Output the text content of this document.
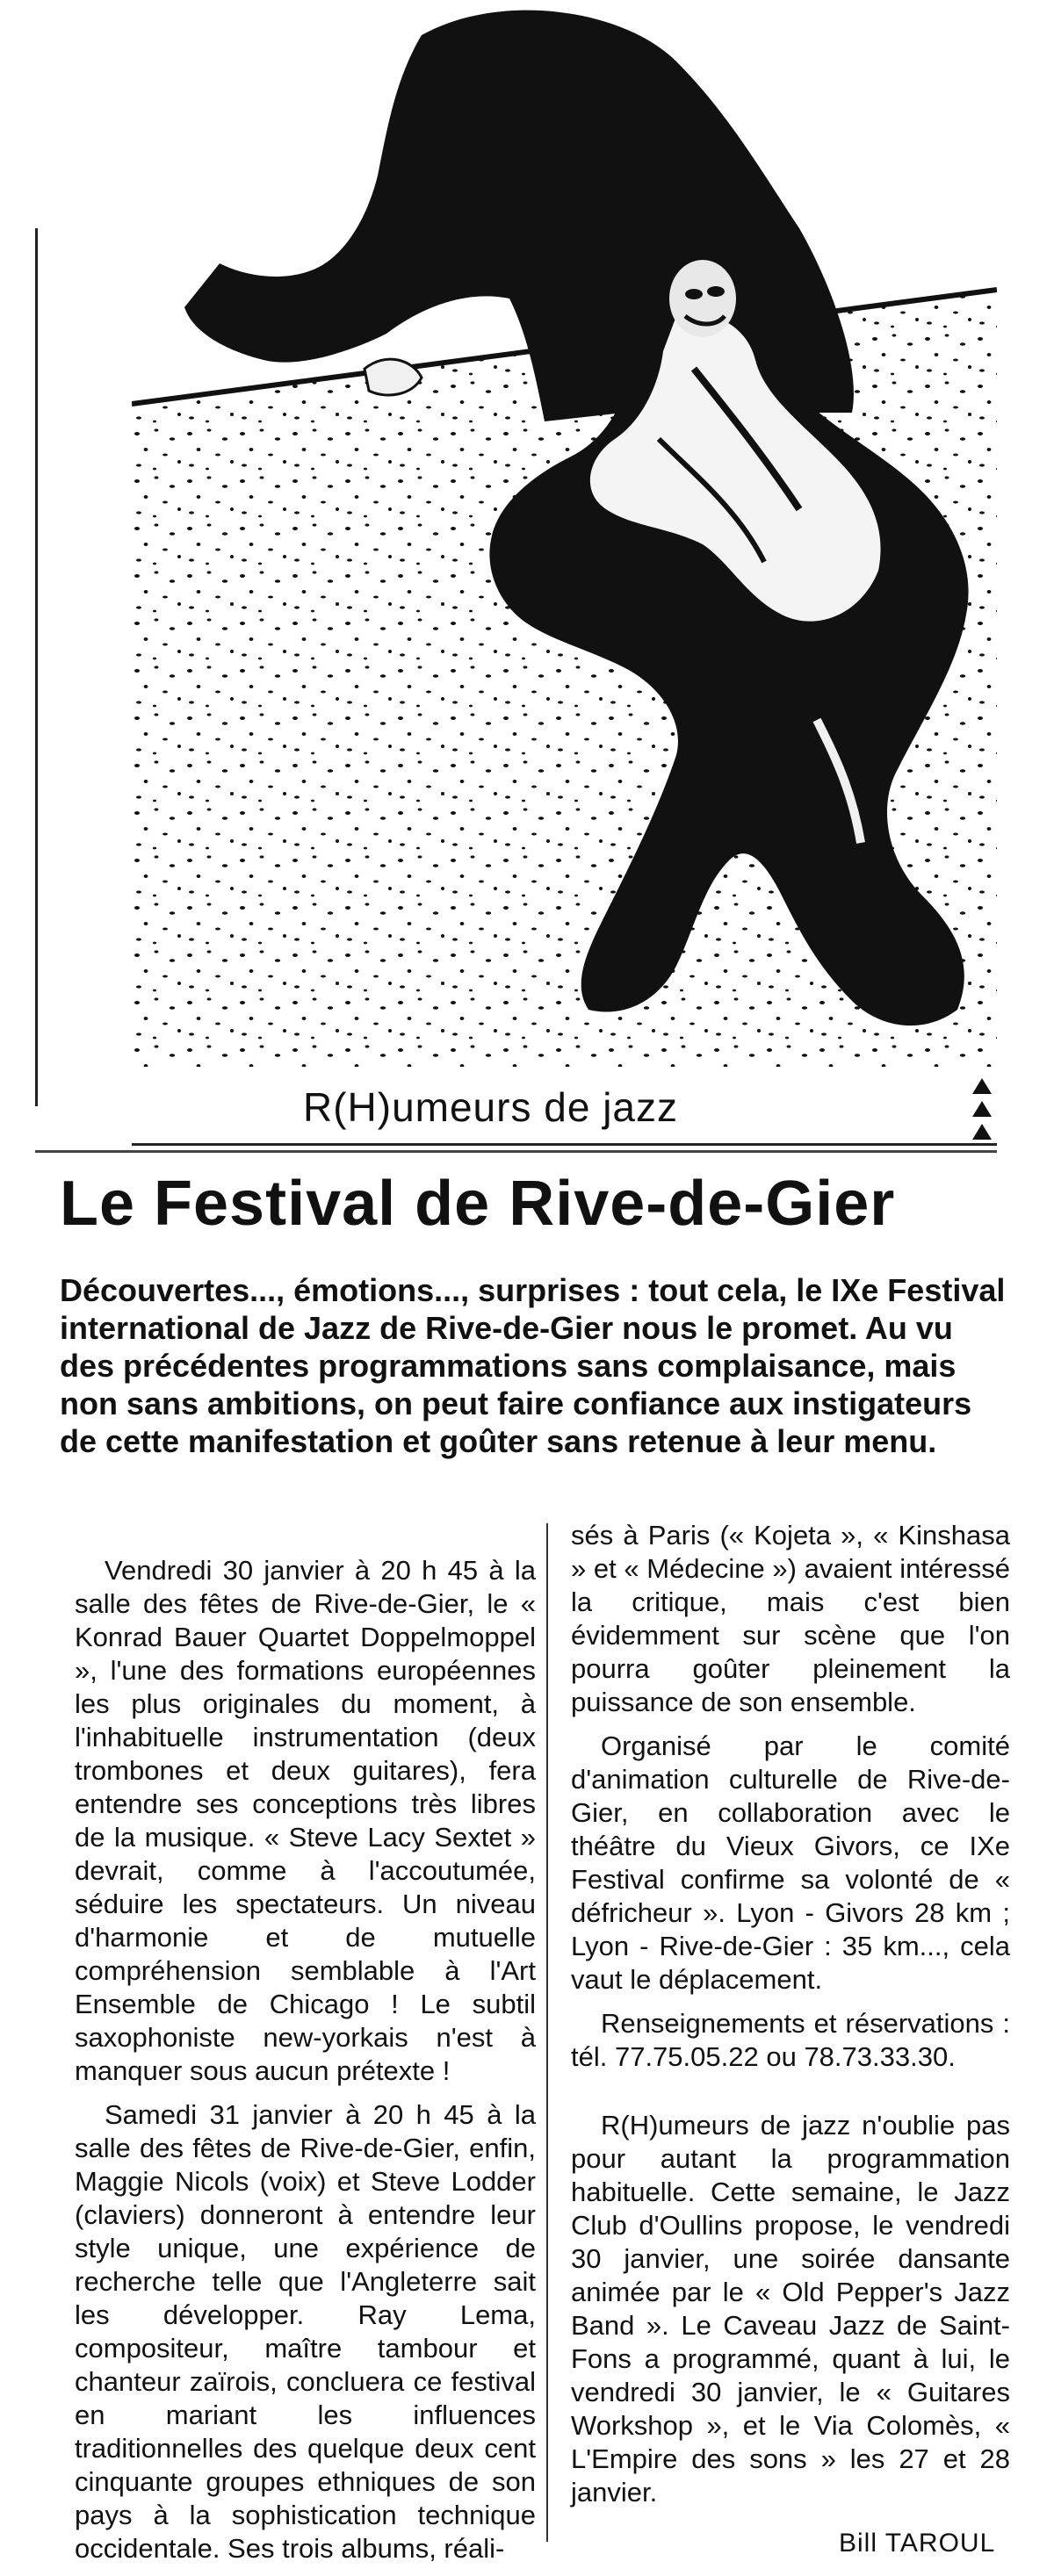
R(H)umeurs de jazz
Le Festival de Rive-de-Gier
Découvertes..., émotions..., surprises : tout cela, le IXe Festival international de Jazz de Rive-de-Gier nous le promet. Au vu des précédentes programmations sans complaisance, mais non sans ambitions, on peut faire confiance aux instigateurs de cette manifestation et goûter sans retenue à leur menu.

Vendredi 30 janvier à 20 h 45 à la salle des fêtes de Rive-de-Gier, le « Konrad Bauer Quartet Doppelmoppel », l'une des formations européennes les plus originales du moment, à l'inhabituelle instrumentation (deux trombones et deux guitares), fera entendre ses conceptions très libres de la musique. « Steve Lacy Sextet » devrait, comme à l'accoutumée, séduire les spectateurs. Un niveau d'harmonie et de mutuelle compréhension semblable à l'Art Ensemble de Chicago ! Le subtil saxophoniste new-yorkais n'est à manquer sous aucun prétexte !

Samedi 31 janvier à 20 h 45 à la salle des fêtes de Rive-de-Gier, enfin, Maggie Nicols (voix) et Steve Lodder (claviers) donneront à entendre leur style unique, une expérience de recherche telle que l'Angleterre sait les développer. Ray Lema, compositeur, maître tambour et chanteur zaïrois, concluera ce festival en mariant les influences traditionnelles des quelque deux cent cinquante groupes ethniques de son pays à la sophistication technique occidentale. Ses trois albums, réali-

sés à Paris (« Kojeta », « Kinshasa » et « Médecine ») avaient intéressé la critique, mais c'est bien évidemment sur scène que l'on pourra goûter pleinement la puissance de son ensemble.

Organisé par le comité d'animation culturelle de Rive-de-Gier, en collaboration avec le théâtre du Vieux Givors, ce IXe Festival confirme sa volonté de « défricheur ». Lyon - Givors 28 km ; Lyon - Rive-de-Gier : 35 km..., cela vaut le déplacement.

Renseignements et réservations : tél. 77.75.05.22 ou 78.73.33.30.

R(H)umeurs de jazz n'oublie pas pour autant la programmation habituelle. Cette semaine, le Jazz Club d'Oullins propose, le vendredi 30 janvier, une soirée dansante animée par le « Old Pepper's Jazz Band ». Le Caveau Jazz de Saint-Fons a programmé, quant à lui, le vendredi 30 janvier, le « Guitares Workshop », et le Via Colomès, « L'Empire des sons » les 27 et 28 janvier.

Bill TAROUL
